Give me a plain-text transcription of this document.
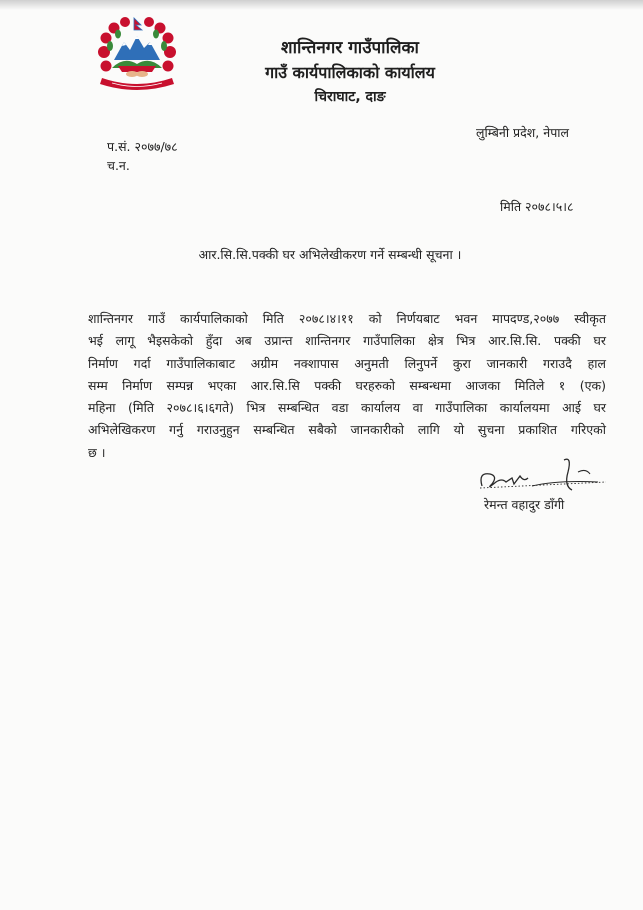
शान्तिनगर गाउँपालिका
गाउँ कार्यपालिकाको कार्यालय
चिराघाट, दाङ
लुम्बिनी प्रदेश, नेपाल
प.सं. २०७७/७८
च.न.
मिति २०७८।५।८
आर.सि.सि.पक्की घर अभिलेखीकरण गर्ने सम्बन्धी सूचना ।
शान्तिनगर गाउँ कार्यपालिकाको मिति २०७८।४।११ को निर्णयबाट भवन मापदण्ड,२०७७ स्वीकृत
भई लागू भैइसकेको हुँदा अब उप्रान्त शान्तिनगर गाउँपालिका क्षेत्र भित्र आर.सि.सि. पक्की घर
निर्माण गर्दा गाउँपालिकाबाट अग्रीम नक्शापास अनुमती लिनुपर्ने कुरा जानकारी गराउदै हाल
सम्म निर्माण सम्पन्न भएका आर.सि.सि पक्की घरहरुको सम्बन्धमा आजका मितिले १ (एक)
महिना (मिति २०७८।६।६गते) भित्र सम्बन्धित वडा कार्यालय वा गाउँपालिका कार्यालयमा आई घर
अभिलेखिकरण गर्नु गराउनुहुन सम्बन्धित सबैको जानकारीको लागि यो सुचना प्रकाशित गरिएको
छ ।
रेमन्त वहादुर डाँगी
